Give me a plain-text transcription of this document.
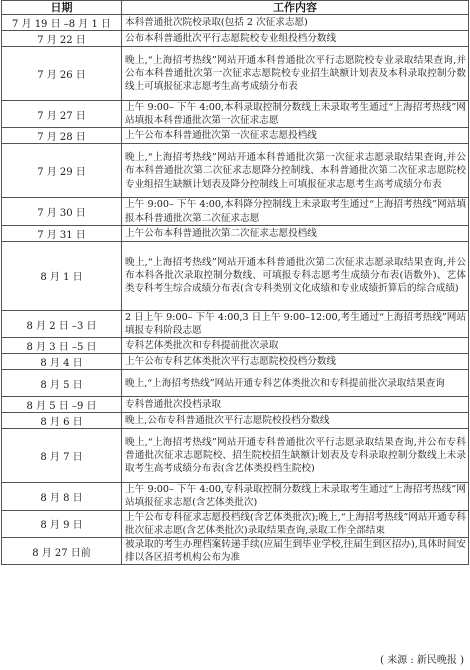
日期	工作内容
7 月 19 日 –8 月 1 日	本科普通批次院校录取(包括 2 次征求志愿)
7 月 22 日	公布本科普通批次平行志愿院校专业组投档分数线
7 月 26 日	晚上,“上海招考热线”网站开通本科普通批次平行志愿院校专业录取结果查询,并公布本科普通批次第一次征求志愿院校专业招生缺额计划表及本科录取控制分数线上可填报征求志愿考生高考成绩分布表
7 月 27 日	上午 9:00– 下午 4:00,本科录取控制分数线上未录取考生通过“上海招考热线”网站填报本科普通批次第一次征求志愿
7 月 28 日	上午公布本科普通批次第一次征求志愿投档线
7 月 29 日	晚上,“上海招考热线”网站开通本科普通批次第一次征求志愿录取结果查询,并公布本科普通批次第二次征求志愿降分控制线、本科普通批次第二次征求志愿院校专业组招生缺额计划表及降分控制线上可填报征求志愿考生高考成绩分布表
7 月 30 日	上午 9:00– 下午 4:00,本科降分控制线上未录取考生通过“上海招考热线”网站填报本科普通批次第二次征求志愿
7 月 31 日	上午公布本科普通批次第二次征求志愿投档线
8 月 1 日	晚上,“上海招考热线”网站开通本科普通批次第二次征求志愿录取结果查询,并公布本科各批次录取控制分数线、可填报专科志愿考生成绩分布表(语数外)、艺体类专科考生综合成绩分布表(含专科类别文化成绩和专业成绩折算后的综合成绩)
8 月 2 日 –3 日	2 日上午 9:00– 下午 4:00,3 日上午 9:00–12:00,考生通过“上海招考热线”网站填报专科阶段志愿
8 月 3 日 –5 日	专科艺体类批次和专科提前批次录取
8 月 4 日	上午公布专科艺体类批次平行志愿院校投档分数线
8 月 5 日	晚上,“上海招考热线”网站开通专科艺体类批次和专科提前批次录取结果查询
8 月 5 日 –9 日	专科普通批次投档录取
8 月 6 日	晚上,公布专科普通批次平行志愿院校投档分数线
8 月 7 日	晚上,“上海招考热线”网站开通专科普通批次平行志愿录取结果查询,并公布专科普通批次征求志愿院校、招生院校招生缺额计划表及专科录取控制分数线上未录取考生高考成绩分布表(含艺体类投档生院校)
8 月 8 日	上午 9:00– 下午 4:00,专科录取控制分数线上未录取考生通过“上海招考热线”网站填报征求志愿(含艺体类批次)
8 月 9 日	上午公布专科征求志愿投档线(含艺体类批次);晚上,“上海招考热线”网站开通专科批次征求志愿(含艺体类批次)录取结果查询,录取工作全部结束
8 月 27 日前	被录取的考生办理档案转递手续(应届生到毕业学校,往届生到区招办),具体时间安排以各区招考机构公布为准
( 来源 : 新民晚报 )
